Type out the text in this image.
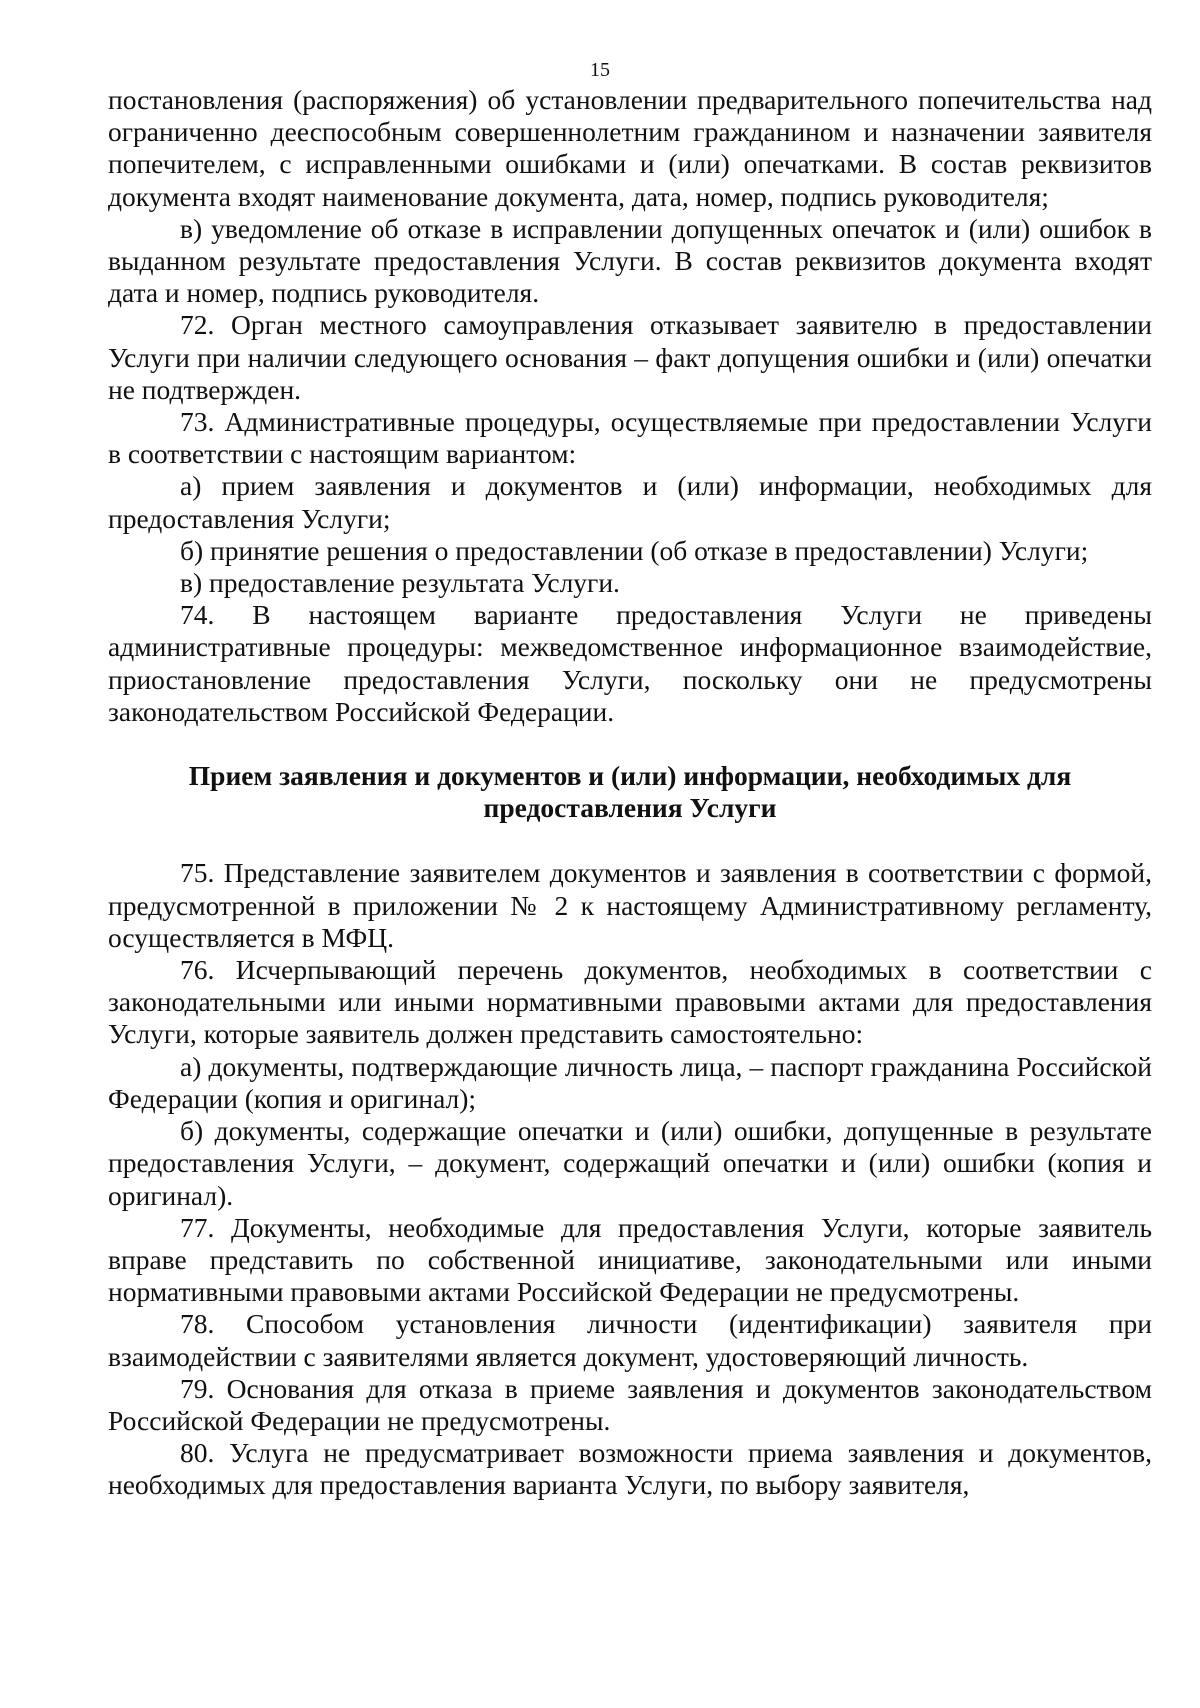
15

постановления (распоряжения) об установлении предварительного попечительства над ограниченно дееспособным совершеннолетним гражданином и назначении заявителя попечителем, с исправленными ошибками и (или) опечатками. В состав реквизитов документа входят наименование документа, дата, номер, подпись руководителя;

в) уведомление об отказе в исправлении допущенных опечаток и (или) ошибок в выданном результате предоставления Услуги. В состав реквизитов документа входят дата и номер, подпись руководителя.

72. Орган местного самоуправления отказывает заявителю в предоставлении Услуги при наличии следующего основания – факт допущения ошибки и (или) опечатки не подтвержден.

73. Административные процедуры, осуществляемые при предоставлении Услуги в соответствии с настоящим вариантом:

а) прием заявления и документов и (или) информации, необходимых для предоставления Услуги;

б) принятие решения о предоставлении (об отказе в предоставлении) Услуги;

в) предоставление результата Услуги.

74. В настоящем варианте предоставления Услуги не приведены административные процедуры: межведомственное информационное взаимодействие, приостановление предоставления Услуги, поскольку они не предусмотрены законодательством Российской Федерации.

Прием заявления и документов и (или) информации, необходимых для
предоставления Услуги

75. Представление заявителем документов и заявления в соответствии с формой, предусмотренной в приложении № 2 к настоящему Административному регламенту, осуществляется в МФЦ.

76. Исчерпывающий перечень документов, необходимых в соответствии с законодательными или иными нормативными правовыми актами для предоставления Услуги, которые заявитель должен представить самостоятельно:

а) документы, подтверждающие личность лица, – паспорт гражданина Российской Федерации (копия и оригинал);

б) документы, содержащие опечатки и (или) ошибки, допущенные в результате предоставления Услуги, – документ, содержащий опечатки и (или) ошибки (копия и оригинал).

77. Документы, необходимые для предоставления Услуги, которые заявитель вправе представить по собственной инициативе, законодательными или иными нормативными правовыми актами Российской Федерации не предусмотрены.

78. Способом установления личности (идентификации) заявителя при взаимодействии с заявителями является документ, удостоверяющий личность.

79. Основания для отказа в приеме заявления и документов законодательством Российской Федерации не предусмотрены.

80. Услуга не предусматривает возможности приема заявления и документов, необходимых для предоставления варианта Услуги, по выбору заявителя,
